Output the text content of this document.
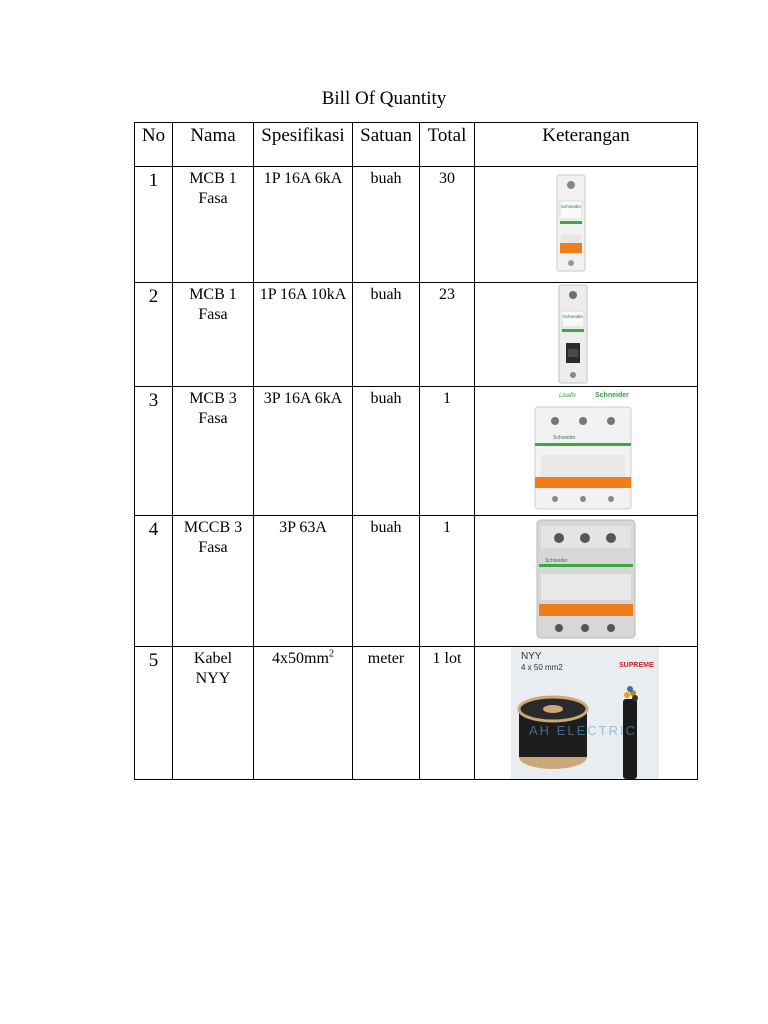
Bill Of Quantity
No	Nama	Spesifikasi	Satuan	Total	Keterangan
1	MCB 1 Fasa	1P 16A 6kA	buah	30	Schneider

2	MCB 1 Fasa	1P 16A 10kA	buah	23	Schneider

3	MCB 3 Fasa	3P 16A 6kA	buah	1	Lisafix Schneider
Schneider

4	MCCB 3 Fasa	3P 63A	buah	1	Schneider

5	Kabel NYY	$4x50mm^2$	meter	1 lot	NYY
4 x 50 mm2 SUPREME
AH ELECTRIC
